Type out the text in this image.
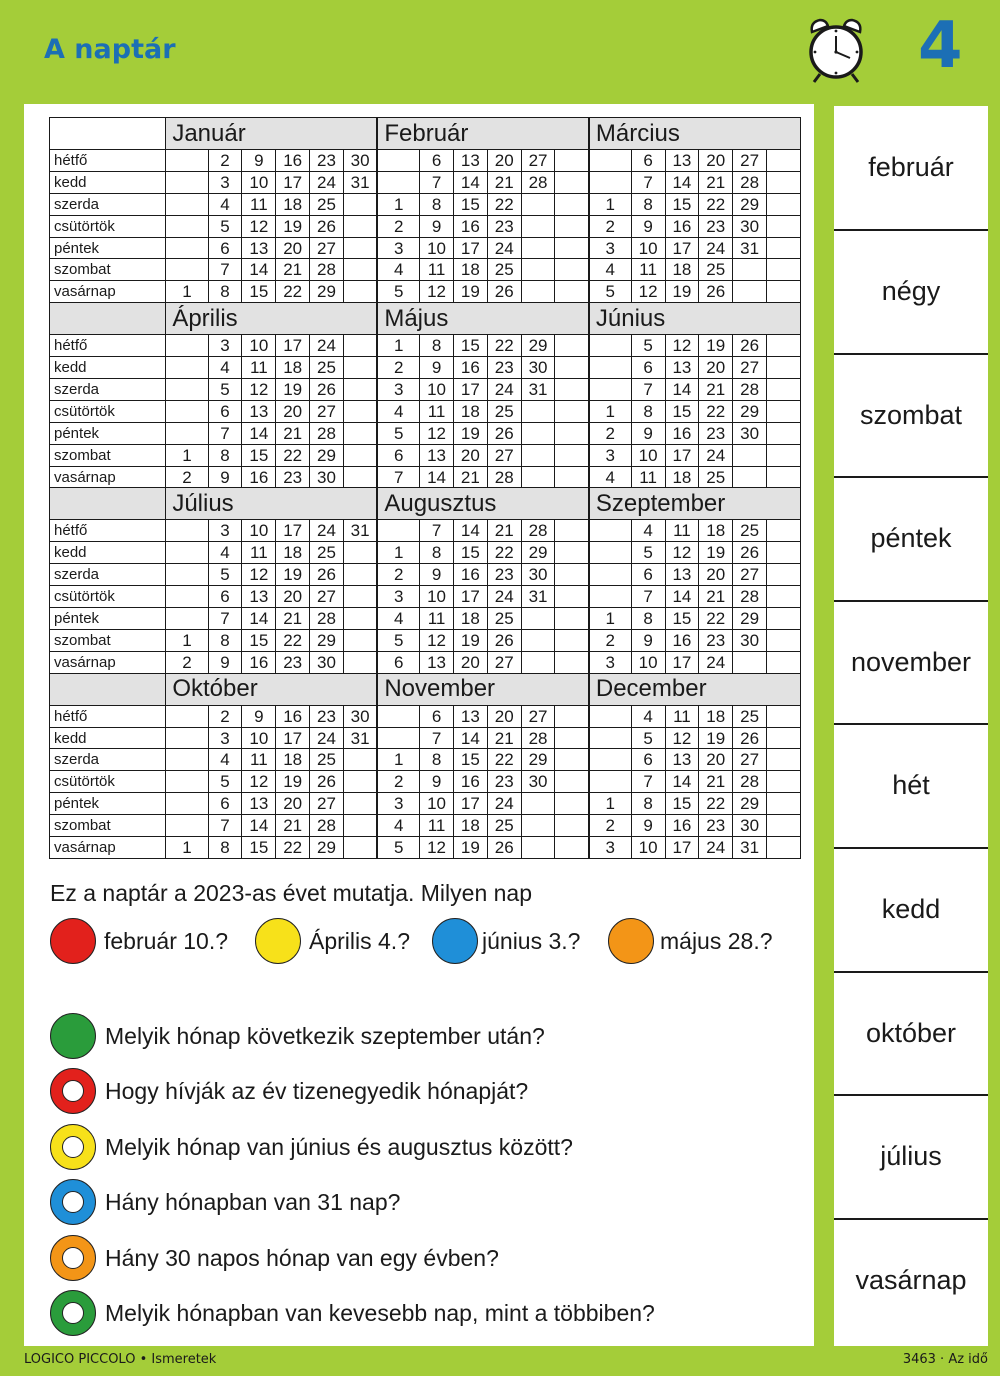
A naptár	4
	Január						Február						Március					
hétfő		2	9	16	23	30		6	13	20	27			6	13	20	27	
kedd		3	10	17	24	31		7	14	21	28			7	14	21	28	
szerda		4	11	18	25		1	8	15	22			1	8	15	22	29	
csütörtök		5	12	19	26		2	9	16	23			2	9	16	23	30	
péntek		6	13	20	27		3	10	17	24			3	10	17	24	31	
szombat		7	14	21	28		4	11	18	25			4	11	18	25		
vasárnap	1	8	15	22	29		5	12	19	26			5	12	19	26		
	Április						Május						Június					
hétfő		3	10	17	24		1	8	15	22	29			5	12	19	26	
kedd		4	11	18	25		2	9	16	23	30			6	13	20	27	
szerda		5	12	19	26		3	10	17	24	31			7	14	21	28	
csütörtök		6	13	20	27		4	11	18	25			1	8	15	22	29	
péntek		7	14	21	28		5	12	19	26			2	9	16	23	30	
szombat	1	8	15	22	29		6	13	20	27			3	10	17	24		
vasárnap	2	9	16	23	30		7	14	21	28			4	11	18	25		
	Július						Augusztus						Szeptember					
hétfő		3	10	17	24	31		7	14	21	28			4	11	18	25	
kedd		4	11	18	25		1	8	15	22	29			5	12	19	26	
szerda		5	12	19	26		2	9	16	23	30			6	13	20	27	
csütörtök		6	13	20	27		3	10	17	24	31			7	14	21	28	
péntek		7	14	21	28		4	11	18	25			1	8	15	22	29	
szombat	1	8	15	22	29		5	12	19	26			2	9	16	23	30	
vasárnap	2	9	16	23	30		6	13	20	27			3	10	17	24		
	Október						November						December					
hétfő		2	9	16	23	30		6	13	20	27			4	11	18	25	
kedd		3	10	17	24	31		7	14	21	28			5	12	19	26	
szerda		4	11	18	25		1	8	15	22	29			6	13	20	27	
csütörtök		5	12	19	26		2	9	16	23	30			7	14	21	28	
péntek		6	13	20	27		3	10	17	24			1	8	15	22	29	
szombat		7	14	21	28		4	11	18	25			2	9	16	23	30	
vasárnap	1	8	15	22	29		5	12	19	26			3	10	17	24	31	
Ez a naptár a 2023-as évet mutatja. Milyen nap
február 10.?	Április 4.?	június 3.?	május 28.?
Melyik hónap következik szeptember után?
Hogy hívják az év tizenegyedik hónapját?
Melyik hónap van június és augusztus között?
Hány hónapban van 31 nap?
Hány 30 napos hónap van egy évben?
Melyik hónapban van kevesebb nap, mint a többiben?
február
négy
szombat
péntek
november
hét
kedd
október
július
vasárnap
LOGICO PICCOLO • Ismeretek	3463 · Az idő
